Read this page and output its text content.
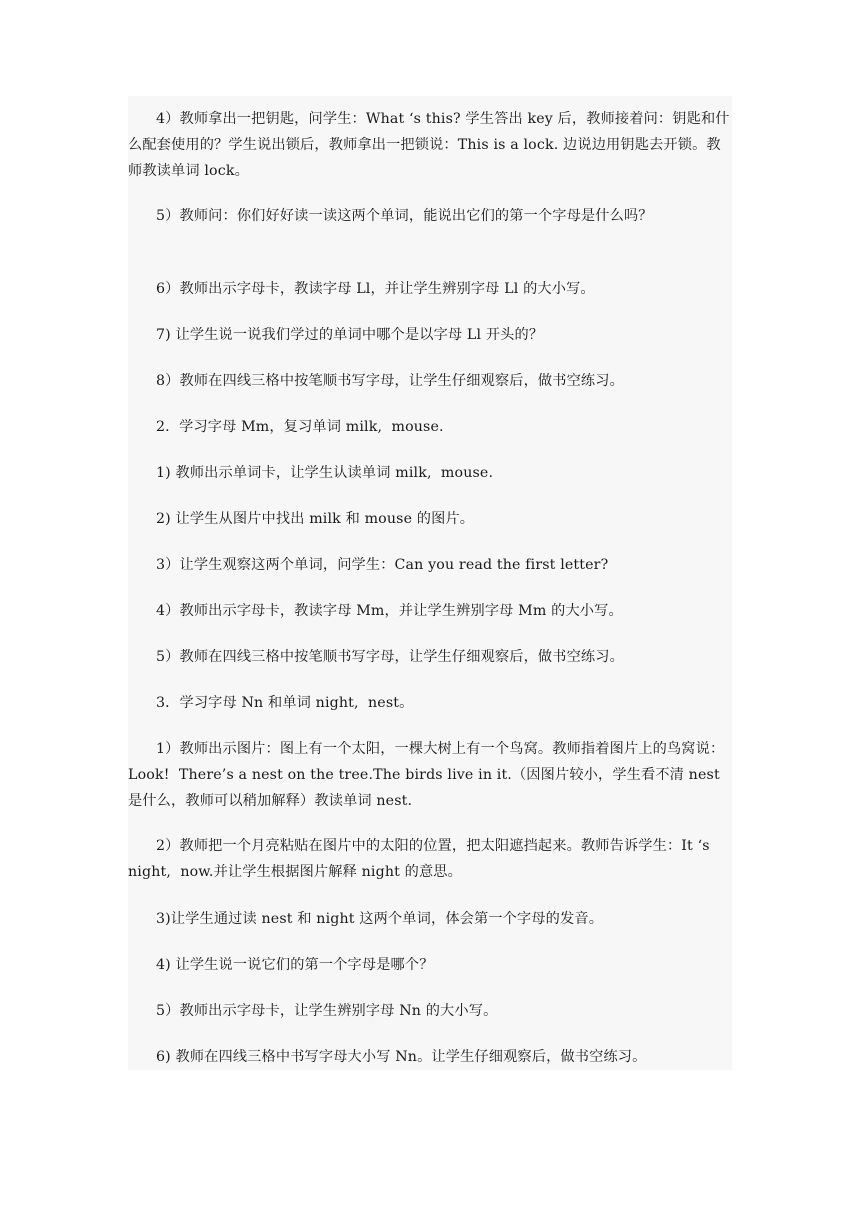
4）教师拿出一把钥匙，问学生：What ‘s this? 学生答出 key 后，教师接着问：钥匙和什么配套使用的？学生说出锁后，教师拿出一把锁说：This is a lock. 边说边用钥匙去开锁。教师教读单词 lock。

5）教师问：你们好好读一读这两个单词，能说出它们的第一个字母是什么吗？

6）教师出示字母卡，教读字母 Ll，并让学生辨别字母 Ll 的大小写。

7) 让学生说一说我们学过的单词中哪个是以字母 Ll 开头的？

8）教师在四线三格中按笔顺书写字母，让学生仔细观察后，做书空练习。

2.  学习字母 Mm，复习单词 milk,  mouse.

1) 教师出示单词卡，让学生认读单词 milk,  mouse.

2) 让学生从图片中找出 milk 和 mouse 的图片。

3）让学生观察这两个单词，问学生：Can you read the first letter?

4）教师出示字母卡，教读字母 Mm，并让学生辨别字母 Mm 的大小写。

5）教师在四线三格中按笔顺书写字母，让学生仔细观察后，做书空练习。

3．学习字母 Nn 和单词 night,  nest。

1）教师出示图片：图上有一个太阳，一棵大树上有一个鸟窝。教师指着图片上的鸟窝说：Look!  There’s a nest on the tree.The birds live in it.（因图片较小，学生看不清 nest 是什么，教师可以稍加解释）教读单词 nest.

2）教师把一个月亮粘贴在图片中的太阳的位置，把太阳遮挡起来。教师告诉学生：It ‘s night,  now.并让学生根据图片解释 night 的意思。

3)让学生通过读 nest 和 night 这两个单词，体会第一个字母的发音。

4) 让学生说一说它们的第一个字母是哪个？

5）教师出示字母卡，让学生辨别字母 Nn 的大小写。

6) 教师在四线三格中书写字母大小写 Nn。让学生仔细观察后，做书空练习。
